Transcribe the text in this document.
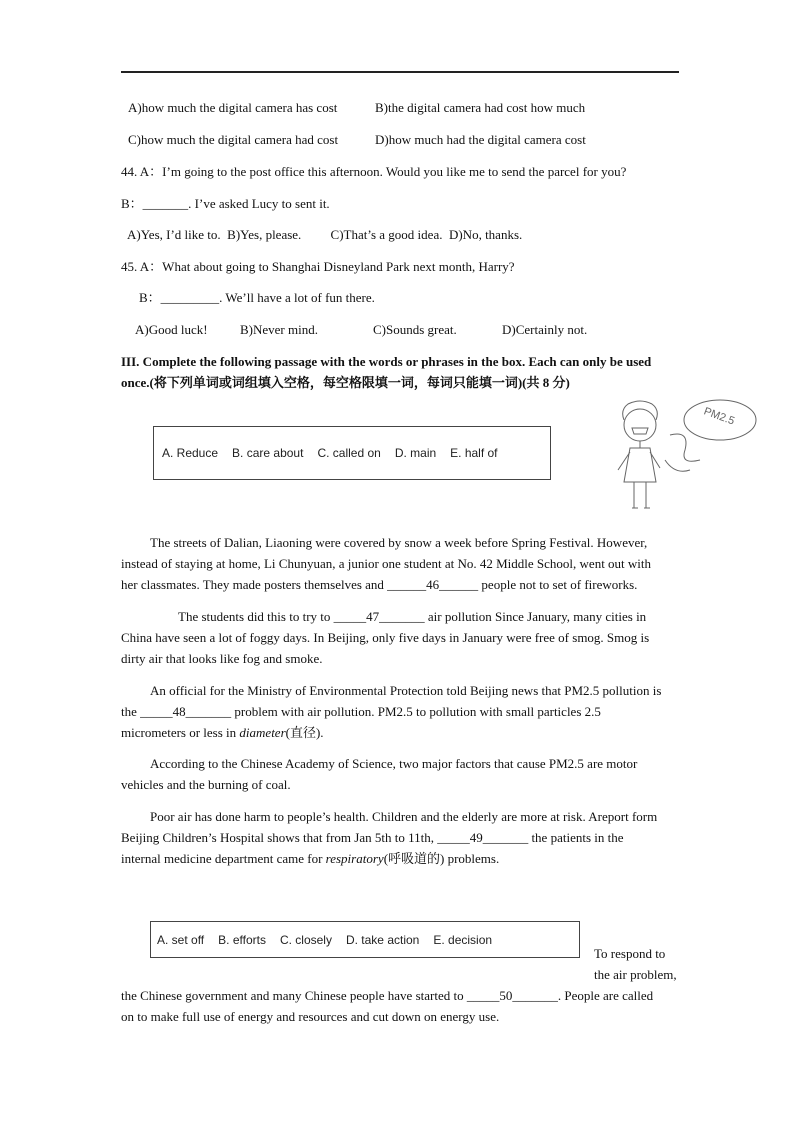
A)how much the digital camera has cost	B)the digital camera had cost how much
C)how much the digital camera had cost	D)how much had the digital camera cost
44. A：I’m going to the post office this afternoon. Would you like me to send the parcel for you?
B：_______. I’ve asked Lucy to sent it.
A)Yes, I’d like to.  B)Yes, please.         C)That’s a good idea.  D)No, thanks.
45. A：What about going to Shanghai Disneyland Park next month, Harry?
B：_________. We’ll have a lot of fun there.
A)Good luck! B)Never mind.	C)Sounds great.	D)Certainly not.
III. Complete the following passage with the words or phrases in the box. Each can only be used
once.(将下列单词或词组填入空格，每空格限填一词，每词只能填一词)(共 8 分)
A. Reduce B. care about C. called on D. main E. half of
PM2.5
The streets of Dalian, Liaoning were covered by snow a week before Spring Festival. However,
instead of staying at home, Li Chunyuan, a junior one student at No. 42 Middle School, went out with
her classmates. They made posters themselves and ______46______ people not to set of fireworks.
The students did this to try to _____47_______ air pollution Since January, many cities in
China have seen a lot of foggy days. In Beijing, only five days in January were free of smog. Smog is
dirty air that looks like fog and smoke.
An official for the Ministry of Environmental Protection told Beijing news that PM2.5 pollution is
the _____48_______ problem with air pollution. PM2.5 to pollution with small particles 2.5
micrometers or less in diameter(直径).
According to the Chinese Academy of Science, two major factors that cause PM2.5 are motor
vehicles and the burning of coal.
Poor air has done harm to people’s health. Children and the elderly are more at risk. Areport form
Beijing Children’s Hospital shows that from Jan 5th to 11th, _____49_______ the patients in the
internal medicine department came for respiratory(呼吸道的) problems.
A. set off B. efforts C. closely D. take action E. decision
To respond to
the air problem,
the Chinese government and many Chinese people have started to _____50_______. People are called
on to make full use of energy and resources and cut down on energy use.
